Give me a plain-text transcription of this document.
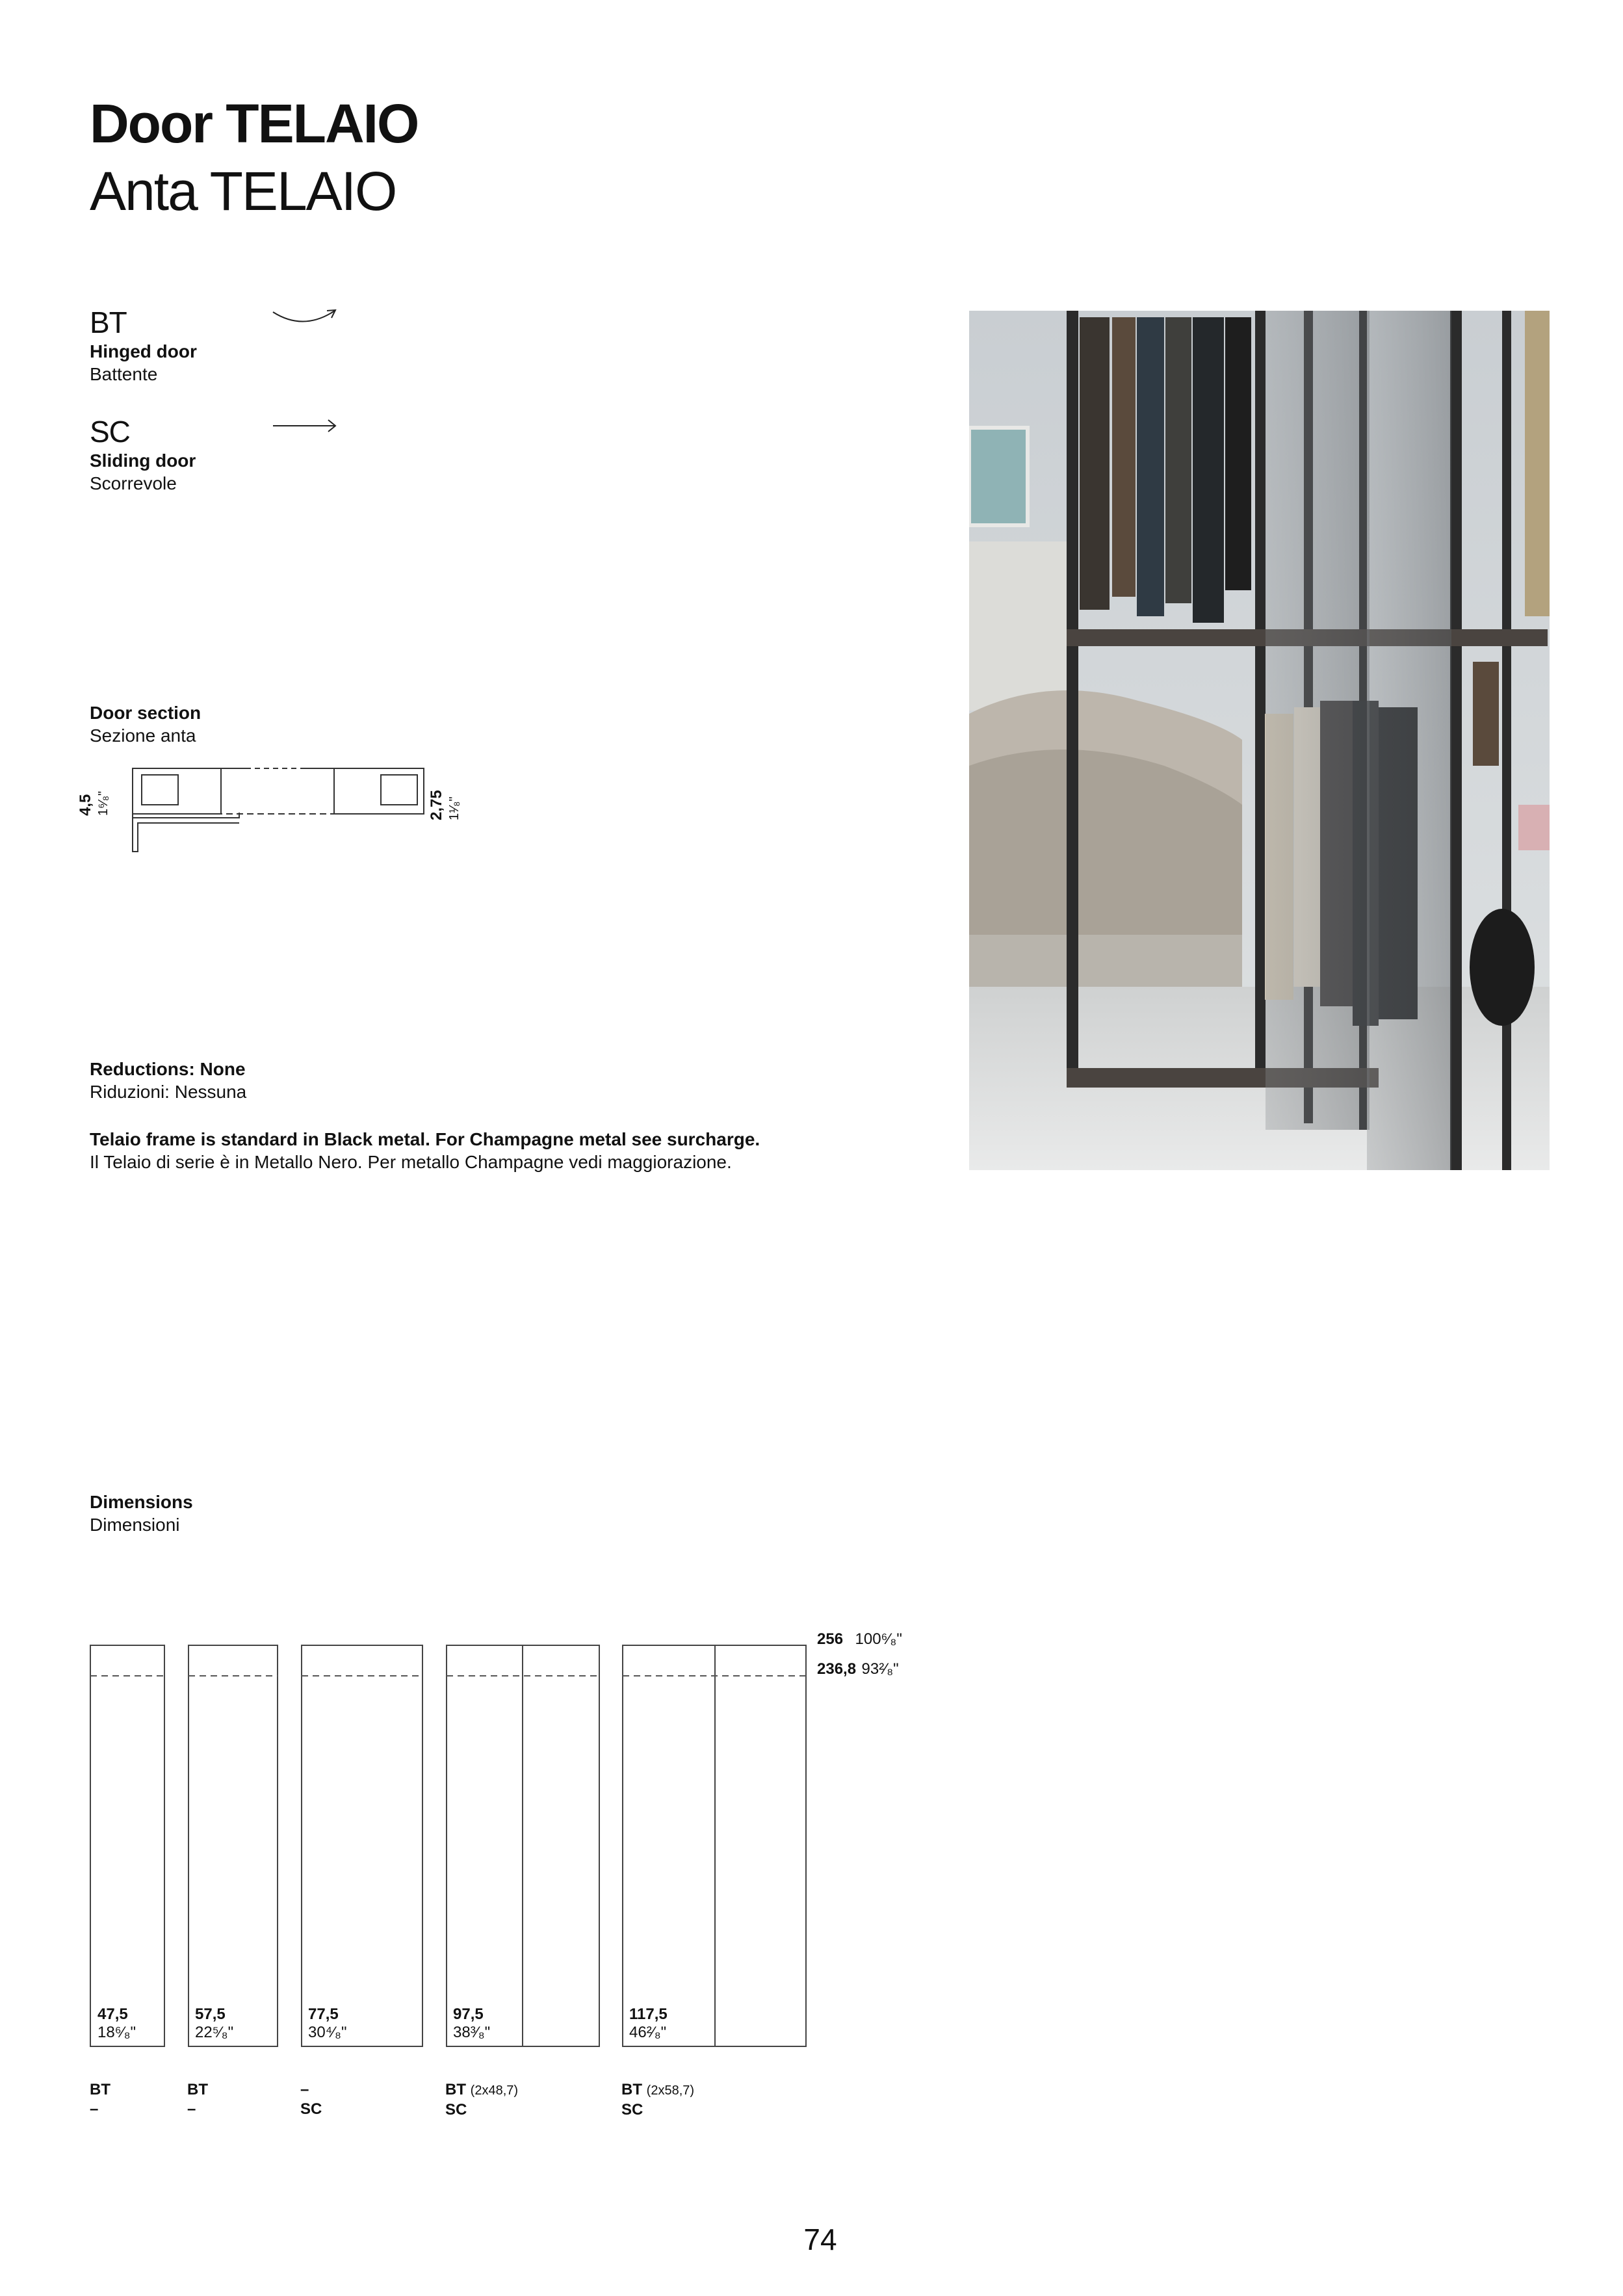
Door TELAIO
Anta TELAIO
BT
Hinged door
Battente
SC
Sliding door
Scorrevole
Door section
Sezione anta
4,5 1⁶⁄₈"	2,75 1¹⁄₈"
Reductions: None
Riduzioni: Nessuna
Telaio frame is standard in Black metal. For Champagne metal see surcharge.
Il Telaio di serie è in Metallo Nero. Per metallo Champagne vedi maggiorazione.
Dimensions
Dimensioni
256 100⁶⁄₈"
236,8 93²⁄₈"
47,5
18⁶⁄₈"
57,5
22⁵⁄₈"
77,5
30⁴⁄₈"
97,5
38³⁄₈"
117,5
46²⁄₈"
BT
–
BT
–
–
SC
BT (2x48,7)
SC
BT (2x58,7)
SC
74
